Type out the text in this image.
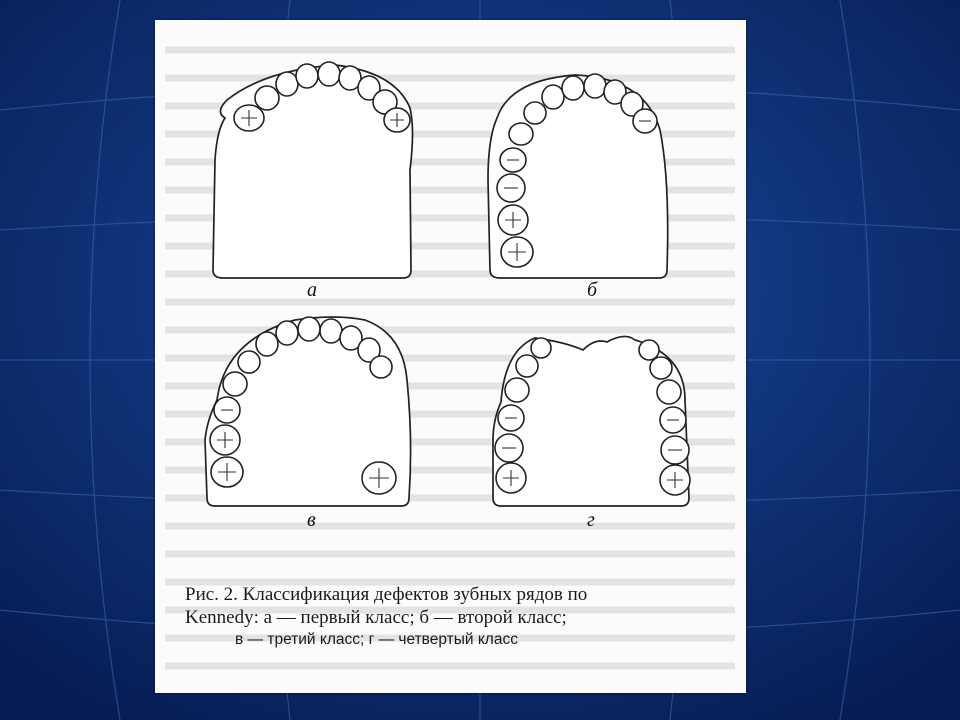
а	б
в	г
Рис. 2. Классификация дефектов зубных рядов по
Kennedy: а — первый класс; б — второй класс;
в — третий класс; г — четвертый класс
